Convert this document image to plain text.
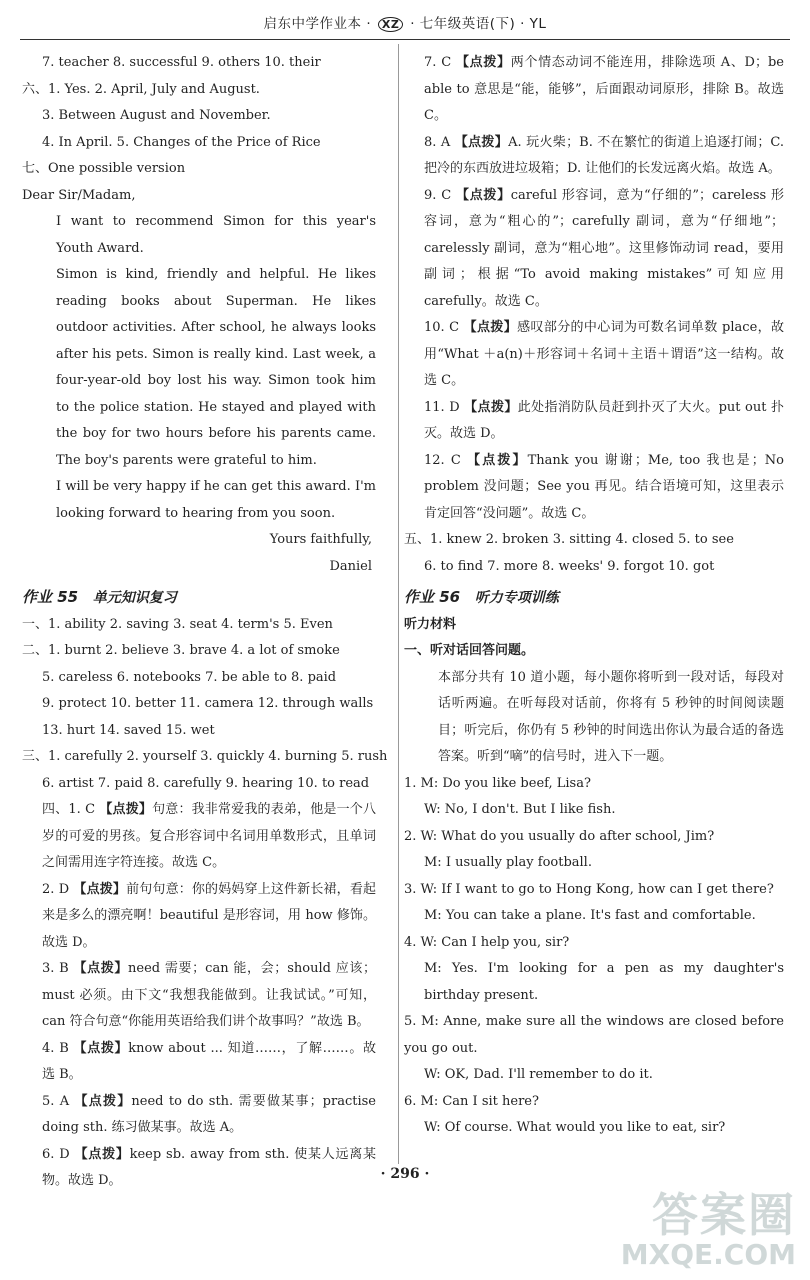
启东中学作业本 · XZ · 七年级英语(下) · YL
7. teacher 8. successful 9. others 10. their
六、1. Yes. 2. April, July and August.
3. Between August and November.
4. In April. 5. Changes of the Price of Rice
七、One possible version
Dear Sir/Madam,
I want to recommend Simon for this year's Youth Award.
Simon is kind, friendly and helpful. He likes reading books about Superman. He likes outdoor activities. After school, he always looks after his pets. Simon is really kind. Last week, a four-year-old boy lost his way. Simon took him to the police station. He stayed and played with the boy for two hours before his parents came. The boy's parents were grateful to him.
I will be very happy if he can get this award. I'm looking forward to hearing from you soon.
Yours faithfully,
Daniel
作业 55 单元知识复习
一、1. ability 2. saving 3. seat 4. term's 5. Even
二、1. burnt 2. believe 3. brave 4. a lot of smoke
5. careless 6. notebooks 7. be able to 8. paid
9. protect 10. better 11. camera 12. through walls
13. hurt 14. saved 15. wet
三、1. carefully 2. yourself 3. quickly 4. burning 5. rush
6. artist 7. paid 8. carefully 9. hearing 10. to read
四、1. C 【点拨】句意：我非常爱我的表弟，他是一个八岁的可爱的男孩。复合形容词中名词用单数形式，且单词之间需用连字符连接。故选 C。
2. D 【点拨】前句句意：你的妈妈穿上这件新长裙，看起来是多么的漂亮啊！beautiful 是形容词，用 how 修饰。故选 D。
3. B 【点拨】need 需要；can 能，会；should 应该；must 必须。由下文“我想我能做到。让我试试。”可知，can 符合句意“你能用英语给我们讲个故事吗？”故选 B。
4. B 【点拨】know about ... 知道……，了解……。故选 B。
5. A 【点拨】need to do sth. 需要做某事；practise doing sth. 练习做某事。故选 A。
6. D 【点拨】keep sb. away from sth. 使某人远离某物。故选 D。
7. C 【点拨】两个情态动词不能连用，排除选项 A、D；be able to 意思是“能，能够”，后面跟动词原形，排除 B。故选 C。
8. A 【点拨】A. 玩火柴；B. 不在繁忙的街道上追逐打闹；C. 把冷的东西放进垃圾箱；D. 让他们的长发远离火焰。故选 A。
9. C 【点拨】careful 形容词，意为“仔细的”；careless 形容词，意为“粗心的”；carefully 副词，意为“仔细地”；carelessly 副词，意为“粗心地”。这里修饰动词 read，要用副词；根据“To avoid making mistakes”可知应用 carefully。故选 C。
10. C 【点拨】感叹部分的中心词为可数名词单数 place，故用“What ＋a(n)＋形容词＋名词＋主语＋谓语”这一结构。故选 C。
11. D 【点拨】此处指消防队员赶到扑灭了大火。put out 扑灭。故选 D。
12. C 【点拨】Thank you 谢谢；Me, too 我也是；No problem 没问题；See you 再见。结合语境可知，这里表示肯定回答“没问题”。故选 C。
五、1. knew 2. broken 3. sitting 4. closed 5. to see
6. to find 7. more 8. weeks' 9. forgot 10. got
作业 56 听力专项训练
听力材料
一、听对话回答问题。
本部分共有 10 道小题，每小题你将听到一段对话，每段对话听两遍。在听每段对话前，你将有 5 秒钟的时间阅读题目；听完后，你仍有 5 秒钟的时间选出你认为最合适的备选答案。听到“嘀”的信号时，进入下一题。
1. M: Do you like beef, Lisa?
W: No, I don't. But I like fish.
2. W: What do you usually do after school, Jim?
M: I usually play football.
3. W: If I want to go to Hong Kong, how can I get there?
M: You can take a plane. It's fast and comfortable.
4. W: Can I help you, sir?
M: Yes. I'm looking for a pen as my daughter's birthday present.
5. M: Anne, make sure all the windows are closed before you go out.
W: OK, Dad. I'll remember to do it.
6. M: Can I sit here?
W: Of course. What would you like to eat, sir?
· 296 ·
答案圈
MXQE.COM
